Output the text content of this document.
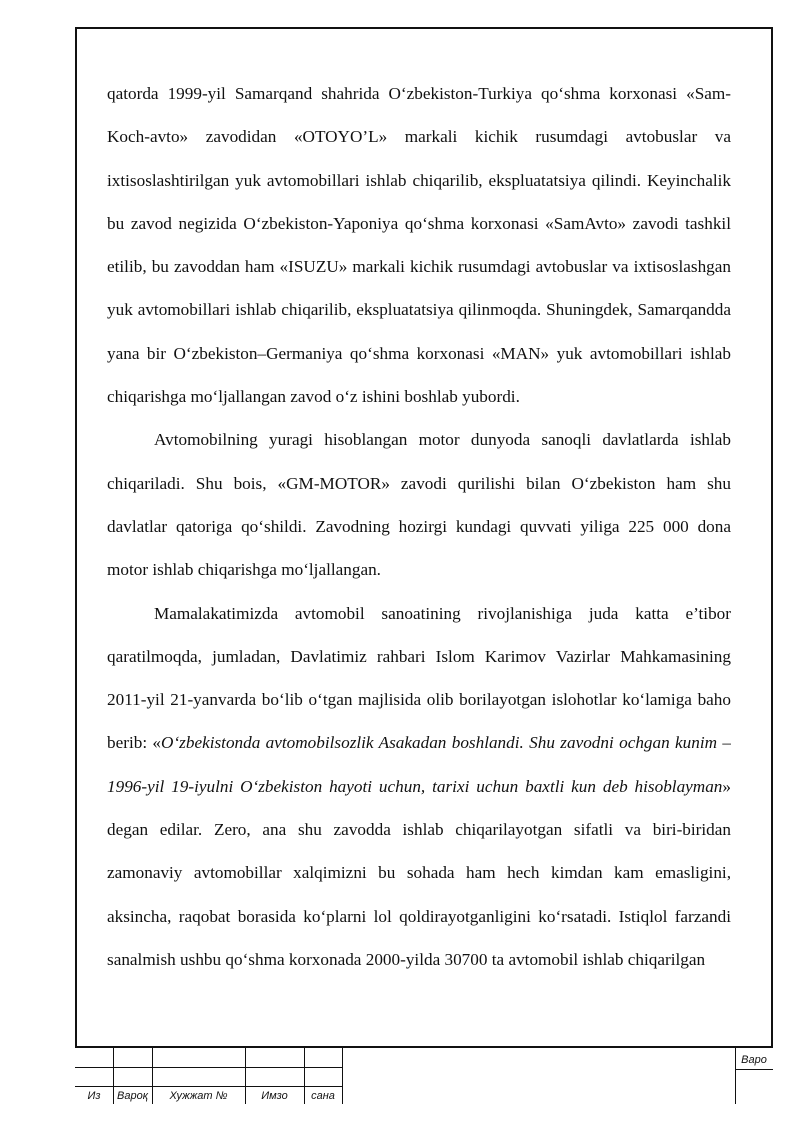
qatorda 1999-yil Samarqand shahrida O‘zbekiston-Turkiya qo‘shma korxonasi «Sam-Koch-avto» zavodidan «OTOYO’L» markali kichik rusumdagi avtobuslar va ixtisoslashtirilgan yuk avtomobillari ishlab chiqarilib, ekspluatatsiya qilindi. Keyinchalik bu zavod negizida O‘zbekiston-Yaponiya qo‘shma korxonasi «SamAvto» zavodi tashkil etilib, bu zavoddan ham «ISUZU» markali kichik rusumdagi avtobuslar va ixtisoslashgan yuk avtomobillari ishlab chiqarilib, ekspluatatsiya qilinmoqda. Shuningdek, Samarqandda yana bir O‘zbekiston–Germaniya qo‘shma korxonasi «MAN» yuk avtomobillari ishlab chiqarishga mo‘ljallangan zavod o‘z ishini boshlab yubordi.

Avtomobilning yuragi hisoblangan motor dunyoda sanoqli davlatlarda ishlab chiqariladi. Shu bois, «GM-MOTOR» zavodi qurilishi bilan O‘zbekiston ham shu davlatlar qatoriga qo‘shildi. Zavodning hozirgi kundagi quvvati yiliga 225 000 dona motor ishlab chiqarishga mo‘ljallangan.

Mamalakatimizda avtomobil sanoatining rivojlanishiga juda katta e’tibor qaratilmoqda, jumladan, Davlatimiz rahbari Islom Karimov Vazirlar Mahkamasining 2011-yil 21-yanvarda bo‘lib o‘tgan majlisida olib borilayotgan islohotlar ko‘lamiga baho berib: «O‘zbekistonda avtomobilsozlik Asakadan boshlandi. Shu zavodni ochgan kunim – 1996-yil 19-iyulni O‘zbekiston hayoti uchun, tarixi uchun baxtli kun deb hisoblayman» degan edilar. Zero, ana shu zavodda ishlab chiqarilayotgan sifatli va biri-biridan zamonaviy avtomobillar xalqimizni bu sohada ham hech kimdan kam emasligini, aksincha, raqobat borasida ko‘plarni lol qoldirayotganligini ko‘rsatadi. Istiqlol farzandi sanalmish ushbu qo‘shma korxonada 2000-yilda 30700 ta avtomobil ishlab chiqarilgan

Варо
Из	Вароқ	Хужжат №	Имзо	сана
